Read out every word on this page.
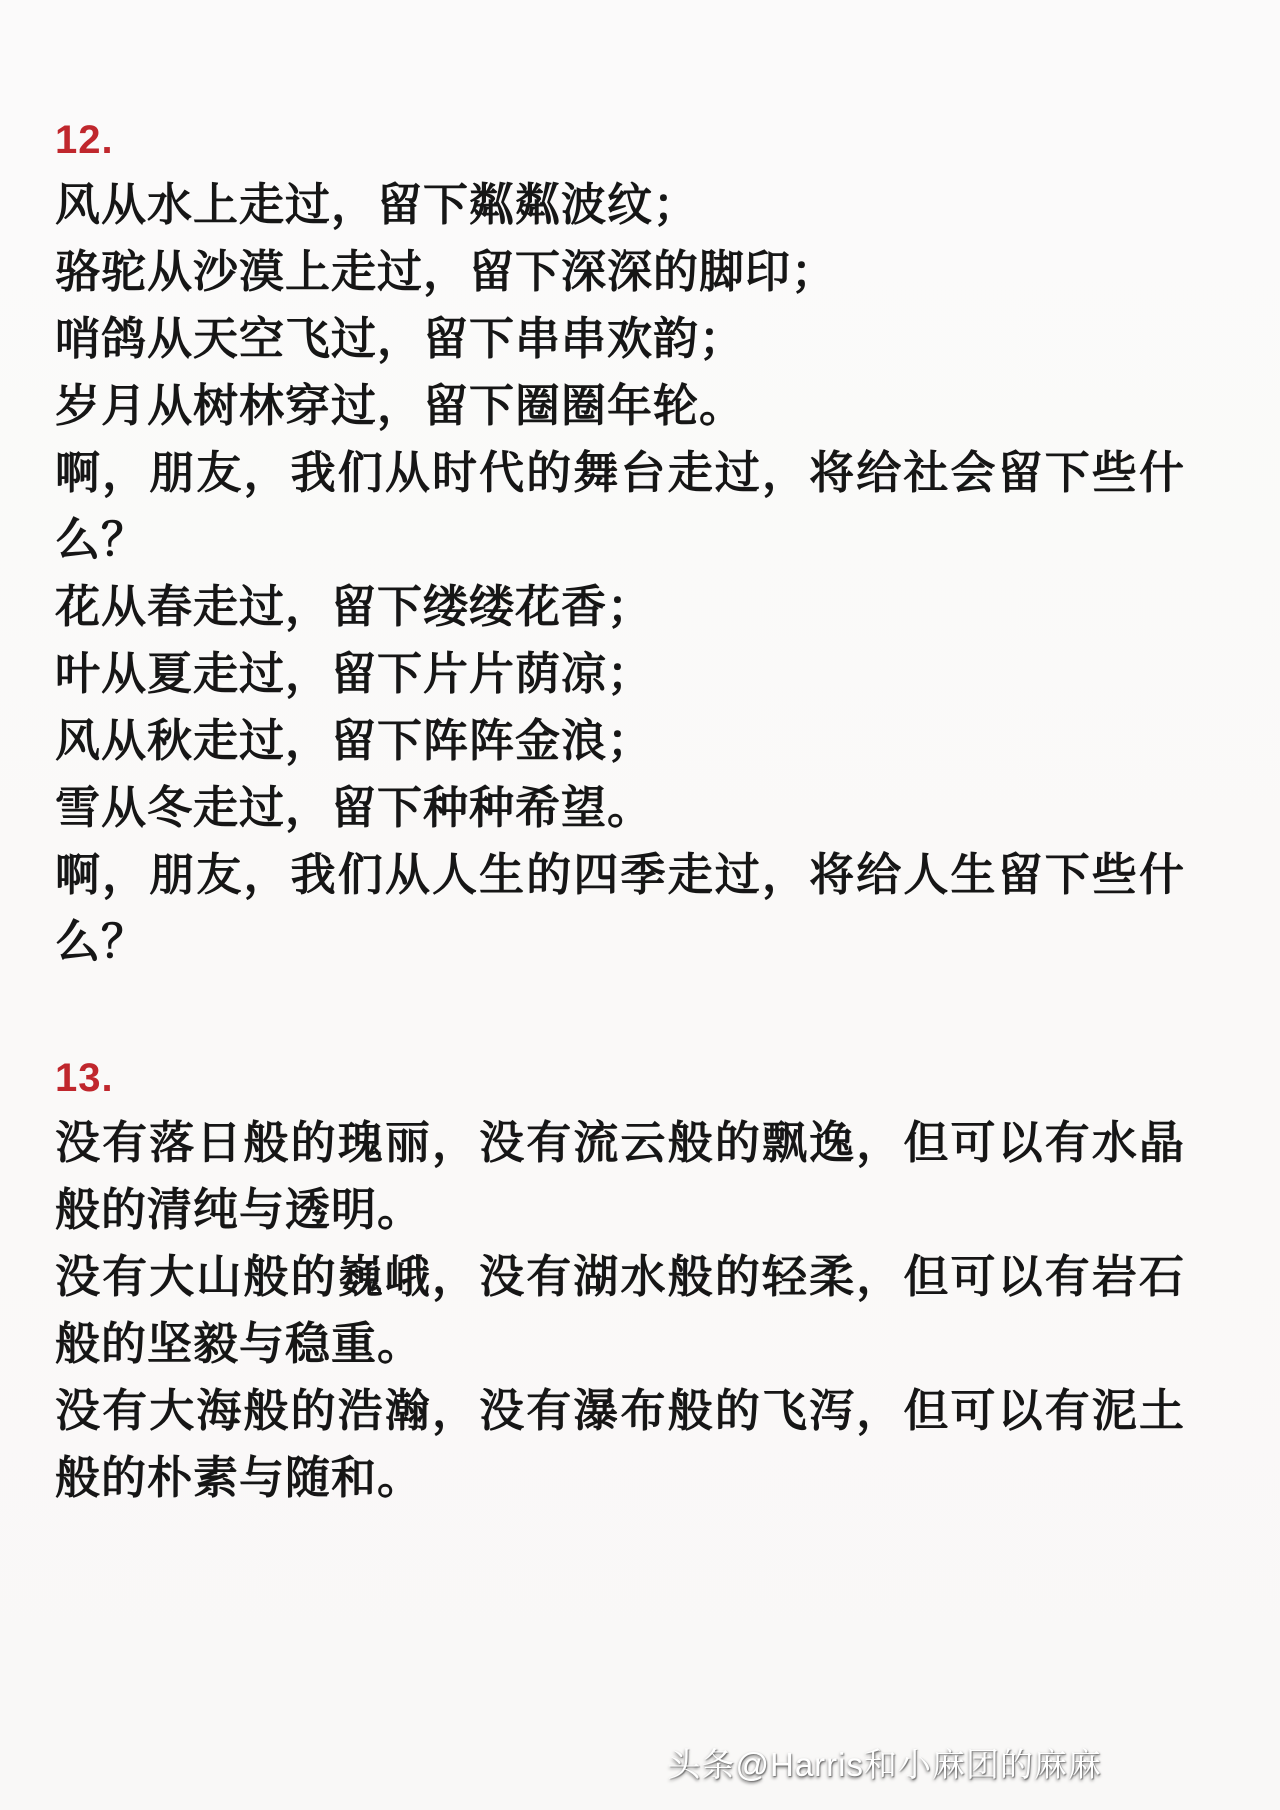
12.

风从水上走过，留下粼粼波纹；

骆驼从沙漠上走过，留下深深的脚印；

哨鸽从天空飞过，留下串串欢韵；

岁月从树林穿过，留下圈圈年轮。

啊，朋友，我们从时代的舞台走过，将给社会留下些什么？

花从春走过，留下缕缕花香；

叶从夏走过，留下片片荫凉；

风从秋走过，留下阵阵金浪；

雪从冬走过，留下种种希望。

啊，朋友，我们从人生的四季走过，将给人生留下些什么？

13.

没有落日般的瑰丽，没有流云般的飘逸，但可以有水晶般的清纯与透明。

没有大山般的巍峨，没有湖水般的轻柔，但可以有岩石般的坚毅与稳重。

没有大海般的浩瀚，没有瀑布般的飞泻，但可以有泥土般的朴素与随和。

头条@Harris和小麻团的麻麻
